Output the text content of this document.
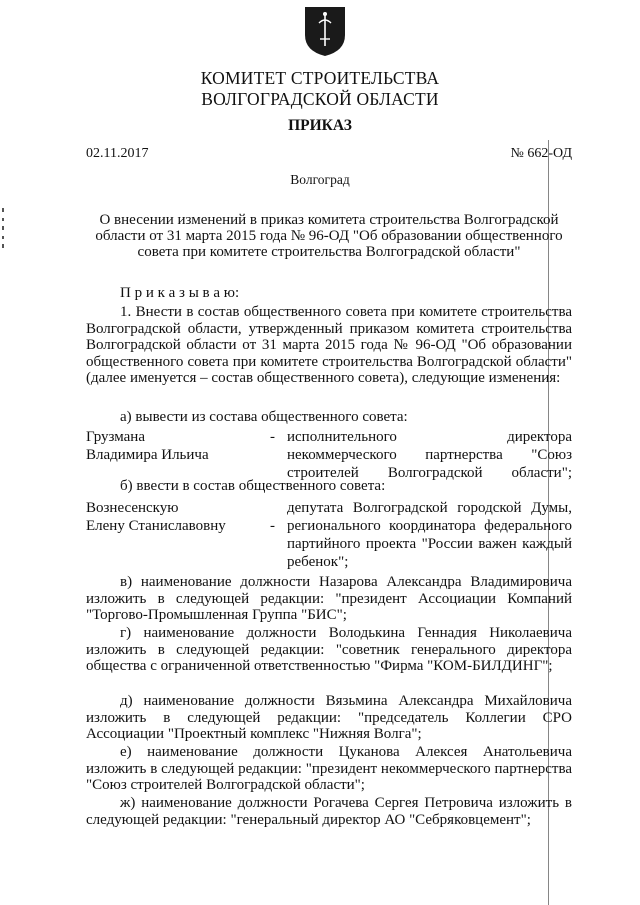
КОМИТЕТ СТРОИТЕЛЬСТВА
ВОЛГОГРАДСКОЙ ОБЛАСТИ
ПРИКАЗ
02.11.2017	№ 662-ОД
Волгоград
О внесении изменений в приказ комитета строительства Волгоградской области от 31 марта 2015 года № 96-ОД "Об образовании общественного совета при комитете строительства Волгоградской области"
П р и к а з ы в а ю:
1. Внести в состав общественного совета при комитете строительства Волгоградской области, утвержденный приказом комитета строительства Волгоградской области от 31 марта 2015 года № 96-ОД "Об образовании общественного совета при комитете строительства Волгоградской области" (далее именуется – состав общественного совета), следующие изменения:
а) вывести из состава общественного совета:
Грузмана
Владимира Ильича
- исполнительного директора некоммерческого партнерства "Союз строителей Волгоградской области";
б) ввести в состав общественного совета:
Вознесенскую
Елену Станиславовну	-
депутата Волгоградской городской Думы, регионального координатора федерального партийного проекта "России важен каждый ребенок";
в) наименование должности Назарова Александра Владимировича изложить в следующей редакции: "президент Ассоциации Компаний "Торгово-Промышленная Группа "БИС";
г) наименование должности Володькина Геннадия Николаевича изложить в следующей редакции: "советник генерального директора общества с ограниченной ответственностью "Фирма "КОМ-БИЛДИНГ";
д) наименование должности Вязьмина Александра Михайловича изложить в следующей редакции: "председатель Коллегии СРО Ассоциации "Проектный комплекс "Нижняя Волга";
е) наименование должности Цуканова Алексея Анатольевича изложить в следующей редакции: "президент некоммерческого партнерства "Союз строителей Волгоградской области";
ж) наименование должности Рогачева Сергея Петровича изложить в следующей редакции: "генеральный директор АО "Себряковцемент";
